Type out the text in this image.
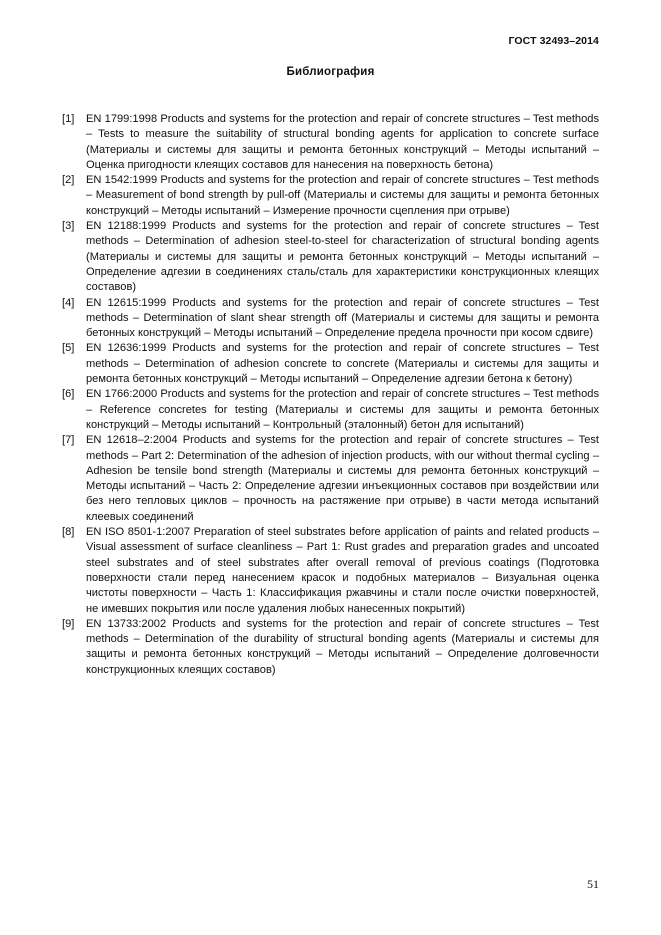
ГОСТ 32493–2014
Библиография
[1] EN 1799:1998 Products and systems for the protection and repair of concrete structures – Test methods – Tests to measure the suitability of structural bonding agents for application to concrete surface (Материалы и системы для защиты и ремонта бетонных конструкций – Методы испытаний – Оценка пригодности клеящих составов для нанесения на поверхность бетона)
[2] EN 1542:1999 Products and systems for the protection and repair of concrete structures – Test methods – Measurement of bond strength by pull-off (Материалы и системы для защиты и ремонта бетонных конструкций – Методы испытаний – Измерение прочности сцепления при отрыве)
[3] EN 12188:1999 Products and systems for the protection and repair of concrete structures – Test methods – Determination of adhesion steel-to-steel for characterization of structural bonding agents (Материалы и системы для защиты и ремонта бетонных конструкций – Методы испытаний – Определение адгезии в соединениях сталь/сталь для характеристики конструкционных клеящих составов)
[4] EN 12615:1999 Products and systems for the protection and repair of concrete structures – Test methods – Determination of slant shear strength off (Материалы и системы для защиты и ремонта бетонных конструкций – Методы испытаний – Определение предела прочности при косом сдвиге)
[5] EN 12636:1999 Products and systems for the protection and repair of concrete structures – Test methods – Determination of adhesion concrete to concrete (Материалы и системы для защиты и ремонта бетонных конструкций – Методы испытаний – Определение адгезии бетона к бетону)
[6] EN 1766:2000 Products and systems for the protection and repair of concrete structures – Test methods – Reference concretes for testing (Материалы и системы для защиты и ремонта бетонных конструкций – Методы испытаний – Контрольный (эталонный) бетон для испытаний)
[7] EN 12618–2:2004 Products and systems for the protection and repair of concrete structures – Test methods – Part 2: Determination of the adhesion of injection products, with our without thermal cycling – Adhesion be tensile bond strength (Материалы и системы для ремонта бетонных конструкций – Методы испытаний – Часть 2: Определение адгезии инъекционных составов при воздействии или без него тепловых циклов – прочность на растяжение при отрыве) в части метода испытаний клеевых соединений
[8] EN ISO 8501-1:2007 Preparation of steel substrates before application of paints and related products – Visual assessment of surface cleanliness – Part 1: Rust grades and preparation grades and uncoated steel substrates and of steel substrates after overall removal of previous coatings (Подготовка поверхности стали перед нанесением красок и подобных материалов – Визуальная оценка чистоты поверхности – Часть 1: Классификация ржавчины и стали после очистки поверхностей, не имевших покрытия или после удаления любых нанесенных покрытий)
[9] EN 13733:2002 Products and systems for the protection and repair of concrete structures – Test methods – Determination of the durability of structural bonding agents (Материалы и системы для защиты и ремонта бетонных конструкций – Методы испытаний – Определение долговечности конструкционных клеящих составов)
51
